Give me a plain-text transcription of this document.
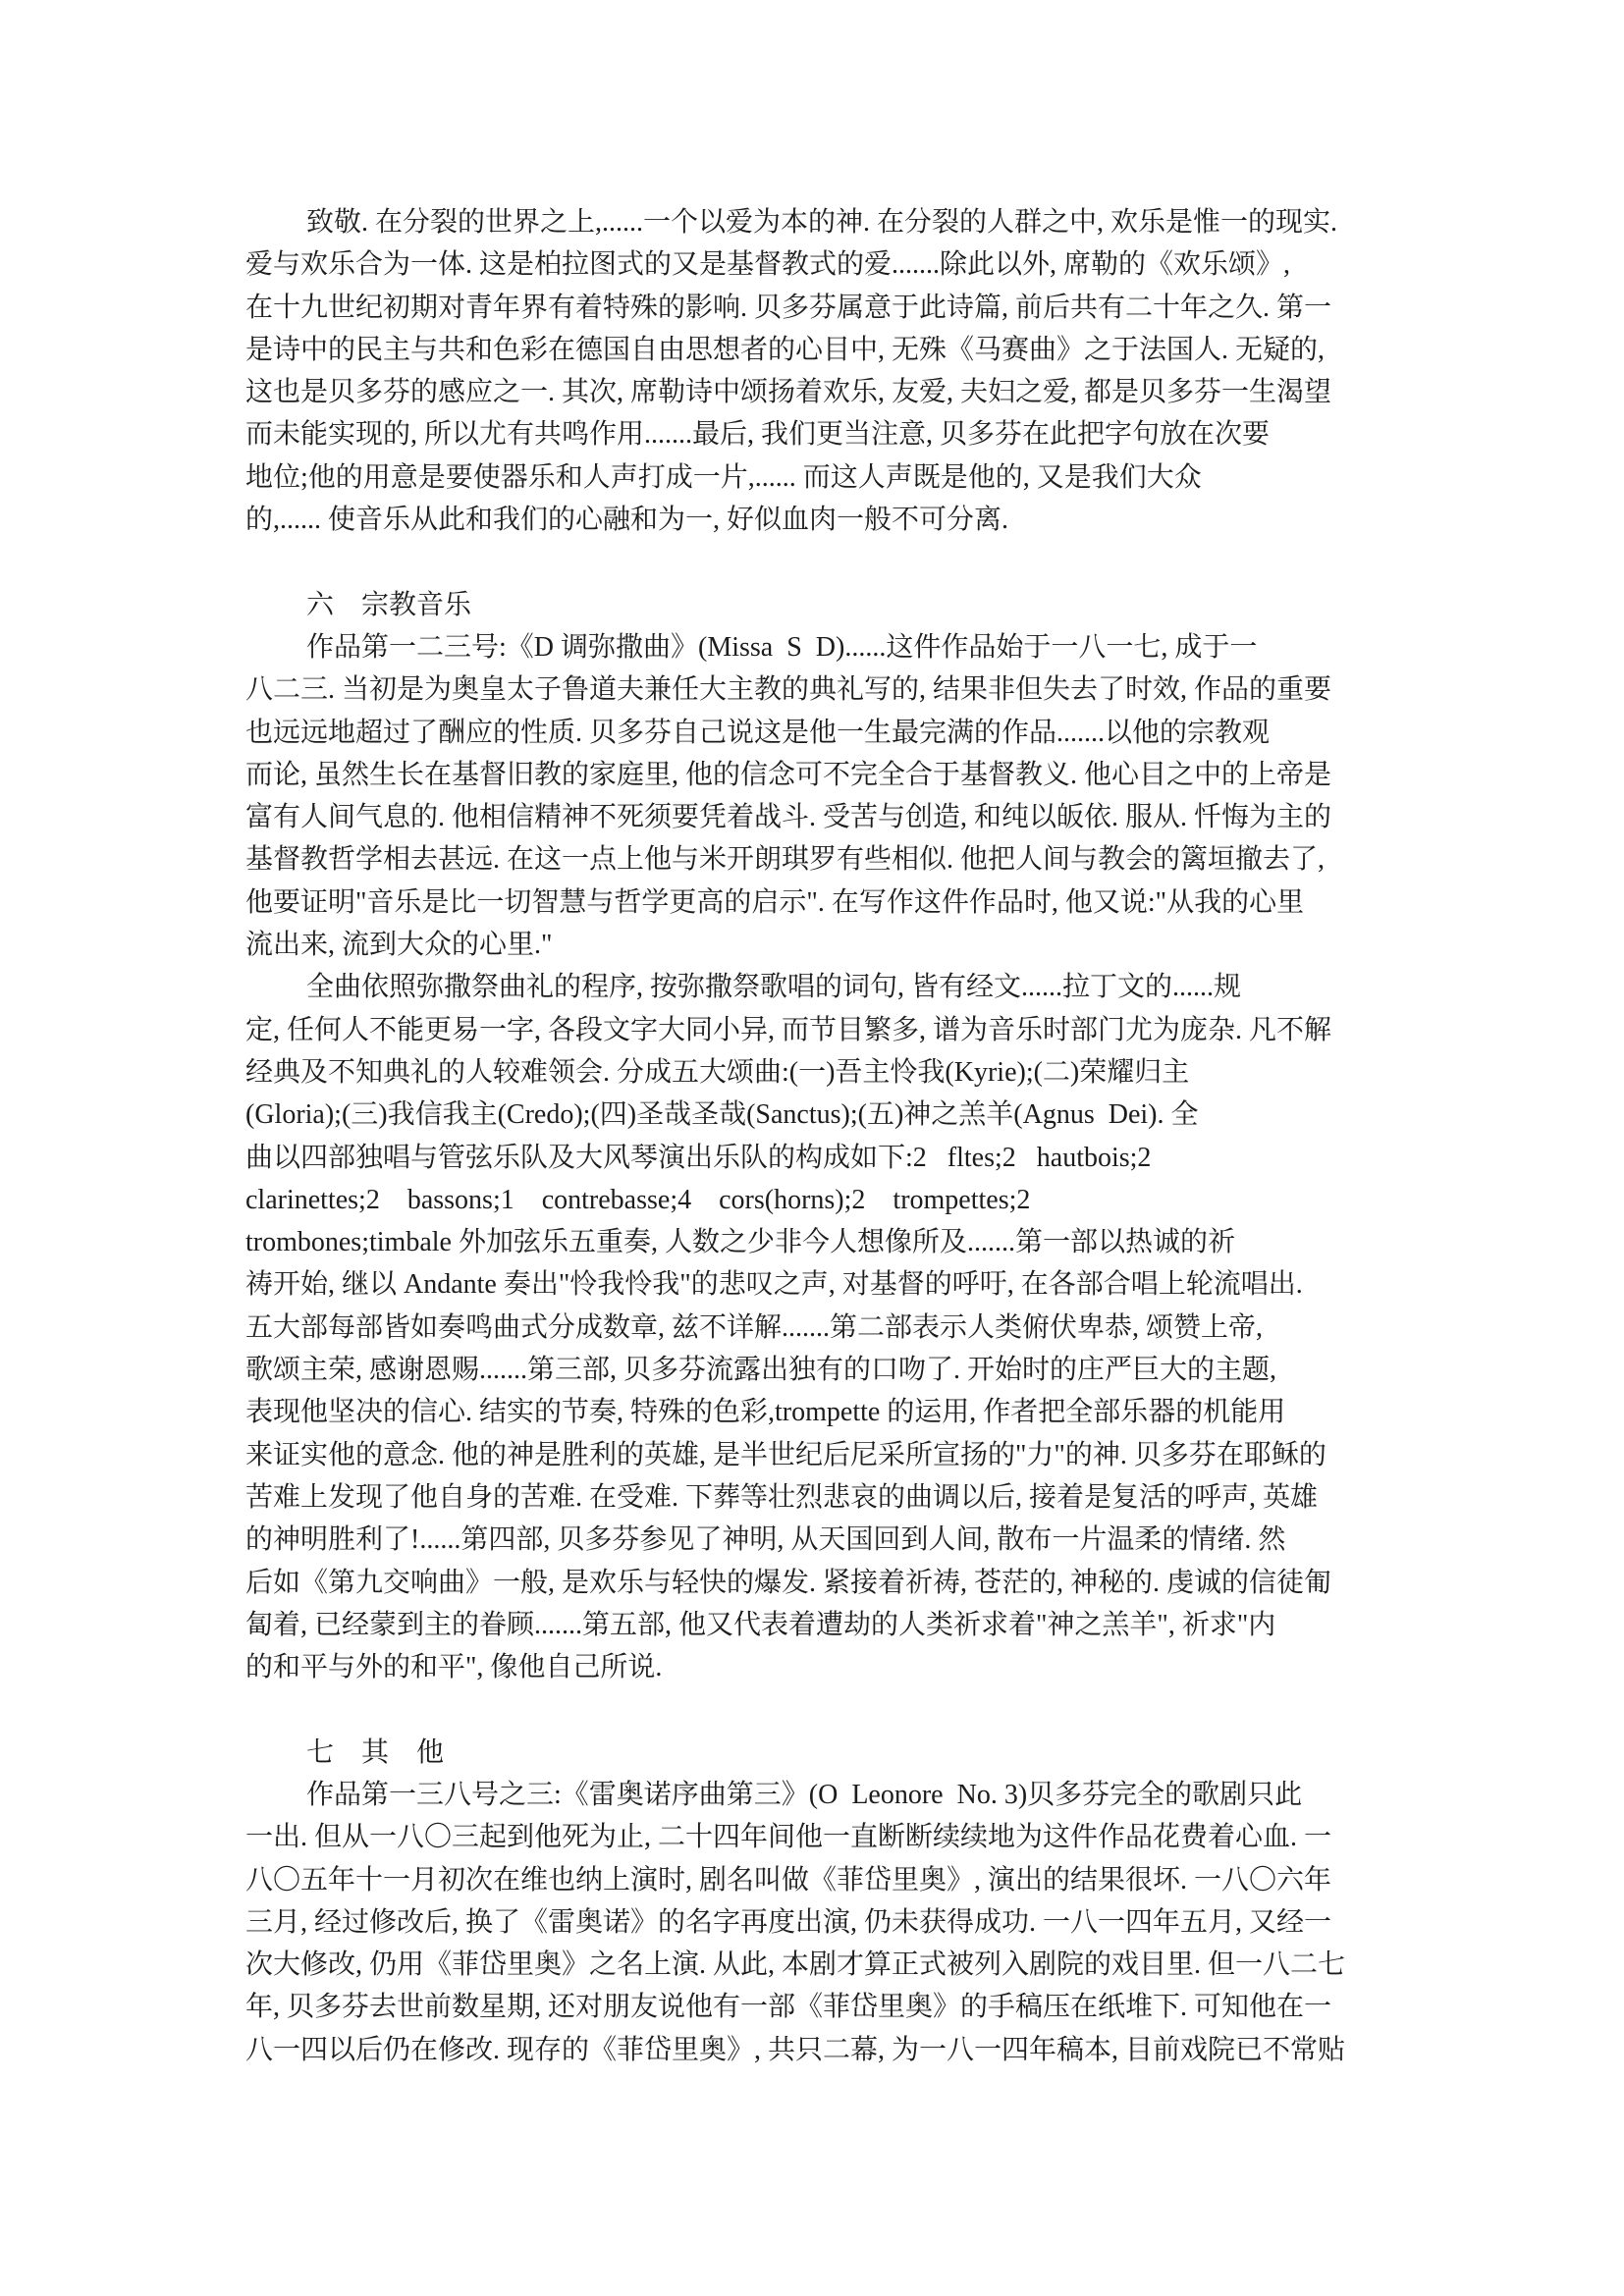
致敬. 在分裂的世界之上,......一个以爱为本的神. 在分裂的人群之中, 欢乐是惟一的现实.
爱与欢乐合为一体. 这是柏拉图式的又是基督教式的爱.......除此以外, 席勒的《欢乐颂》,
在十九世纪初期对青年界有着特殊的影响. 贝多芬属意于此诗篇, 前后共有二十年之久. 第一
是诗中的民主与共和色彩在德国自由思想者的心目中, 无殊《马赛曲》之于法国人. 无疑的,
这也是贝多芬的感应之一. 其次, 席勒诗中颂扬着欢乐, 友爱, 夫妇之爱, 都是贝多芬一生渴望
而未能实现的, 所以尤有共鸣作用.......最后, 我们更当注意, 贝多芬在此把字句放在次要
地位;他的用意是要使器乐和人声打成一片,...... 而这人声既是他的, 又是我们大众
的,...... 使音乐从此和我们的心融和为一, 好似血肉一般不可分离.
六　宗教音乐
作品第一二三号:《D 调弥撒曲》(Missa  S  D)......这件作品始于一八一七, 成于一
八二三. 当初是为奥皇太子鲁道夫兼任大主教的典礼写的, 结果非但失去了时效, 作品的重要
也远远地超过了酬应的性质. 贝多芬自己说这是他一生最完满的作品.......以他的宗教观
而论, 虽然生长在基督旧教的家庭里, 他的信念可不完全合于基督教义. 他心目之中的上帝是
富有人间气息的. 他相信精神不死须要凭着战斗. 受苦与创造, 和纯以皈依. 服从. 忏悔为主的
基督教哲学相去甚远. 在这一点上他与米开朗琪罗有些相似. 他把人间与教会的篱垣撤去了,
他要证明"音乐是比一切智慧与哲学更高的启示". 在写作这件作品时, 他又说:"从我的心里
流出来, 流到大众的心里."
全曲依照弥撒祭曲礼的程序, 按弥撒祭歌唱的词句, 皆有经文......拉丁文的......规
定, 任何人不能更易一字, 各段文字大同小异, 而节目繁多, 谱为音乐时部门尤为庞杂. 凡不解
经典及不知典礼的人较难领会. 分成五大颂曲:(一)吾主怜我(Kyrie);(二)荣耀归主
(Gloria);(三)我信我主(Credo);(四)圣哉圣哉(Sanctus);(五)神之羔羊(Agnus  Dei). 全
曲以四部独唱与管弦乐队及大风琴演出乐队的构成如下:2   fltes;2   hautbois;2
clarinettes;2    bassons;1    contrebasse;4    cors(horns);2    trompettes;2
trombones;timbale 外加弦乐五重奏, 人数之少非今人想像所及.......第一部以热诚的祈
祷开始, 继以 Andante 奏出"怜我怜我"的悲叹之声, 对基督的呼吁, 在各部合唱上轮流唱出.
五大部每部皆如奏鸣曲式分成数章, 兹不详解.......第二部表示人类俯伏卑恭, 颂赞上帝,
歌颂主荣, 感谢恩赐.......第三部, 贝多芬流露出独有的口吻了. 开始时的庄严巨大的主题,
表现他坚决的信心. 结实的节奏, 特殊的色彩,trompette 的运用, 作者把全部乐器的机能用
来证实他的意念. 他的神是胜利的英雄, 是半世纪后尼采所宣扬的"力"的神. 贝多芬在耶稣的
苦难上发现了他自身的苦难. 在受难. 下葬等壮烈悲哀的曲调以后, 接着是复活的呼声, 英雄
的神明胜利了!......第四部, 贝多芬参见了神明, 从天国回到人间, 散布一片温柔的情绪. 然
后如《第九交响曲》一般, 是欢乐与轻快的爆发. 紧接着祈祷, 苍茫的, 神秘的. 虔诚的信徒匍
匐着, 已经蒙到主的眷顾.......第五部, 他又代表着遭劫的人类祈求着"神之羔羊", 祈求"内
的和平与外的和平", 像他自己所说.
七　其　他
作品第一三八号之三:《雷奥诺序曲第三》(O  Leonore  No. 3)贝多芬完全的歌剧只此
一出. 但从一八〇三起到他死为止, 二十四年间他一直断断续续地为这件作品花费着心血. 一
八〇五年十一月初次在维也纳上演时, 剧名叫做《菲岱里奥》, 演出的结果很坏. 一八〇六年
三月, 经过修改后, 换了《雷奥诺》的名字再度出演, 仍未获得成功. 一八一四年五月, 又经一
次大修改, 仍用《菲岱里奥》之名上演. 从此, 本剧才算正式被列入剧院的戏目里. 但一八二七
年, 贝多芬去世前数星期, 还对朋友说他有一部《菲岱里奥》的手稿压在纸堆下. 可知他在一
八一四以后仍在修改. 现存的《菲岱里奥》, 共只二幕, 为一八一四年稿本, 目前戏院已不常贴
